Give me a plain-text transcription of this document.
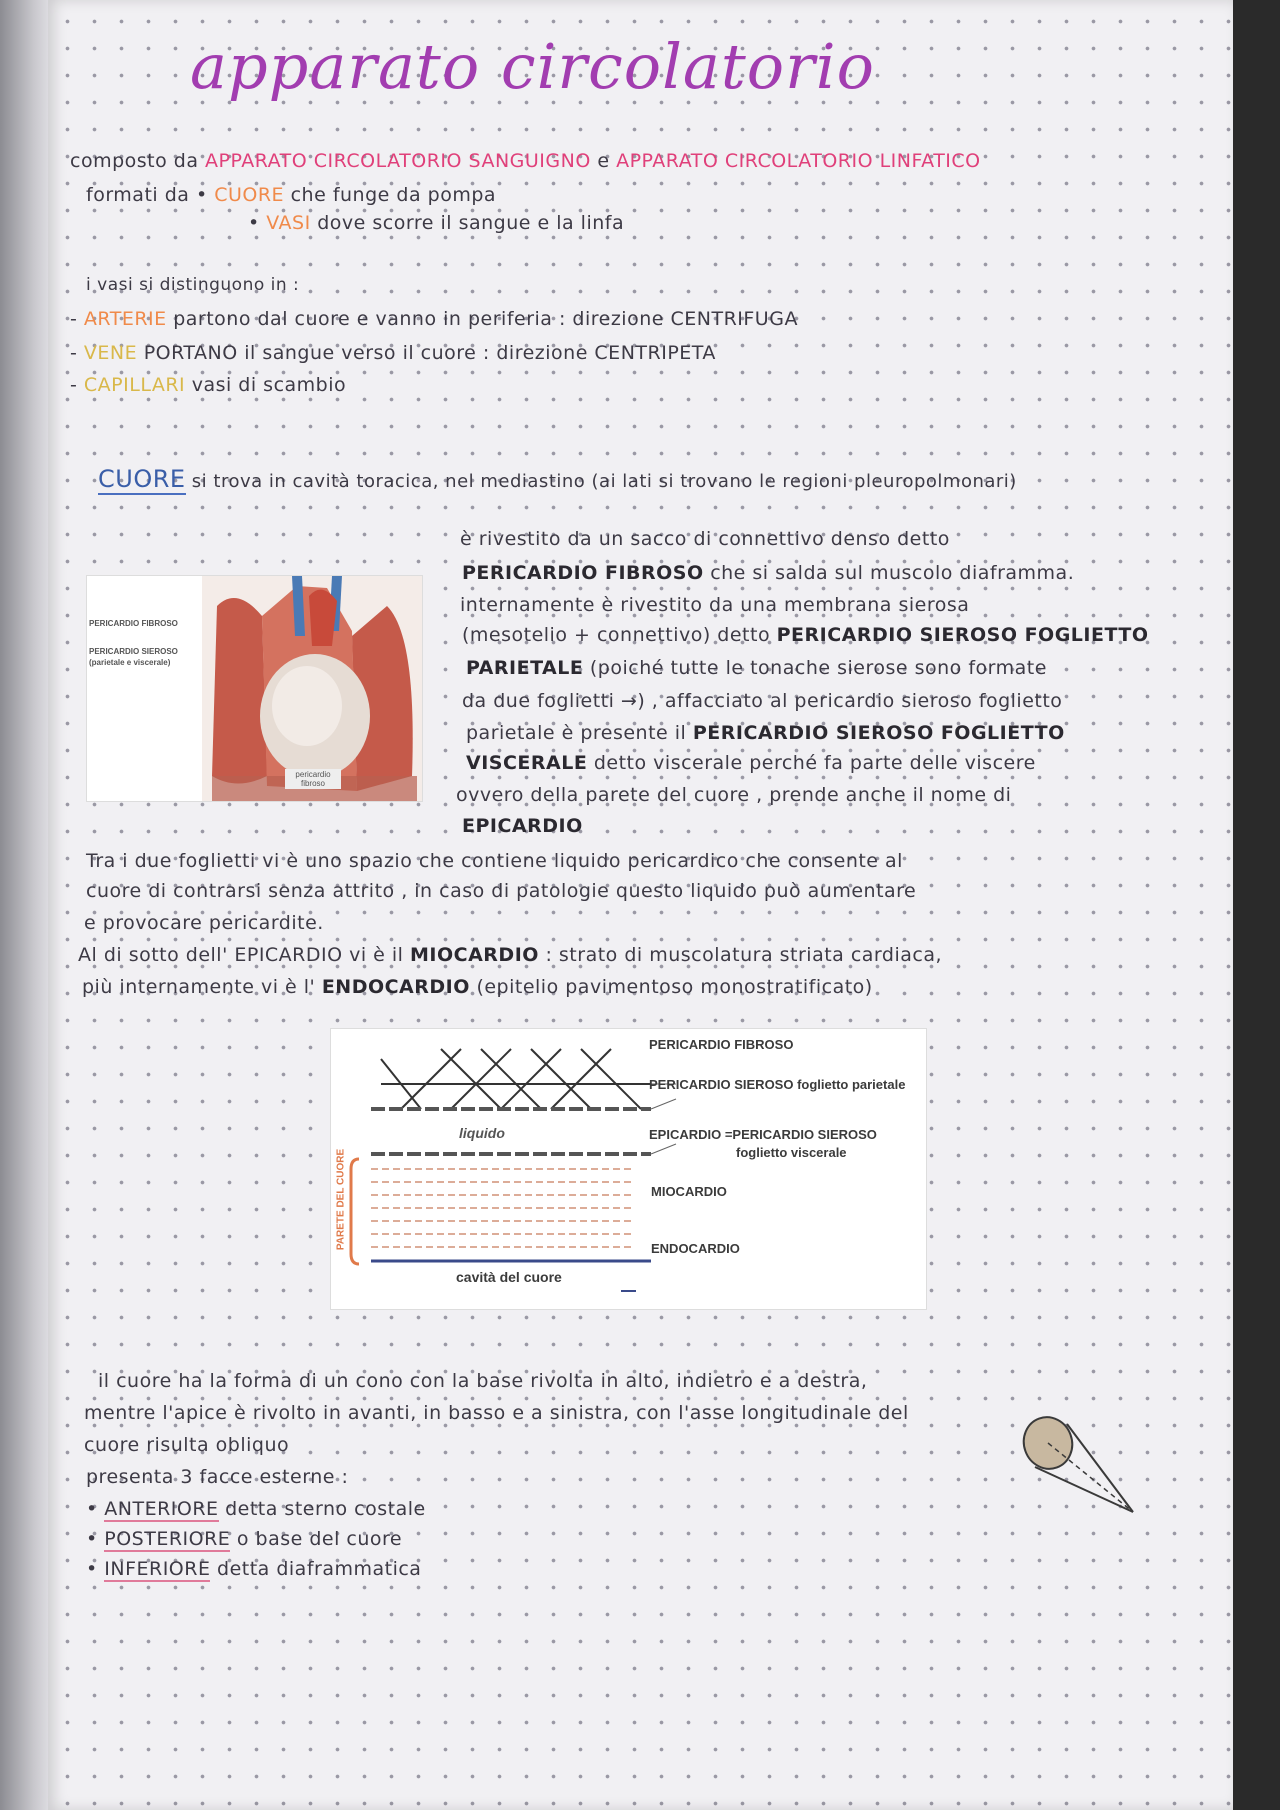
apparato circolatorio
composto da APPARATO CIRCOLATORIO SANGUIGNO e APPARATO CIRCOLATORIO LINFATICO
formati da • CUORE che funge da pompa
• VASI dove scorre il sangue e la linfa
i vasi si distinguono in :
- ARTERIE partono dal cuore e vanno in periferia : direzione CENTRIFUGA
- VENE PORTANO il sangue verso il cuore : direzione CENTRIPETA
- CAPILLARI vasi di scambio
CUORE si trova in cavità toracica, nel mediastino (ai lati si trovano le regioni pleuropolmonari)
PERICARDIO FIBROSO
PERICARDIO SIEROSO
(parietale e viscerale)
pericardio fibroso
è rivestito da un sacco di connettivo denso detto
PERICARDIO FIBROSO che si salda sul muscolo diaframma.
internamente è rivestito da una membrana sierosa
(mesotelio + connettivo) detto PERICARDIO SIEROSO FOGLIETTO
PARIETALE (poiché tutte le tonache sierose sono formate
da due foglietti →) , affacciato al pericardio sieroso foglietto
parietale è presente il PERICARDIO SIEROSO FOGLIETTO
VISCERALE detto viscerale perché fa parte delle viscere
ovvero della parete del cuore , prende anche il nome di
EPICARDIO
Tra i due foglietti vi è uno spazio che contiene liquido pericardico che consente al
cuore di contrarsi senza attrito , in caso di patologie questo liquido può aumentare
e provocare pericardite.
Al di sotto dell' EPICARDIO vi è il MIOCARDIO : strato di muscolatura striata cardiaca,
più internamente vi è l' ENDOCARDIO (epitelio pavimentoso monostratificato)
PERICARDIO FIBROSO
PERICARDIO SIEROSO foglietto parietale
liquido	EPICARDIO =PERICARDIO SIEROSO
foglietto viscerale
MIOCARDIO
ENDOCARDIO
PARETE DEL CUORE
cavità del cuore
il cuore ha la forma di un cono con la base rivolta in alto, indietro e a destra,
mentre l'apice è rivolto in avanti, in basso e a sinistra, con l'asse longitudinale del
cuore risulta obliquo
presenta 3 facce esterne :
• ANTERIORE detta sterno costale
• POSTERIORE o base del cuore
• INFERIORE detta diaframmatica
